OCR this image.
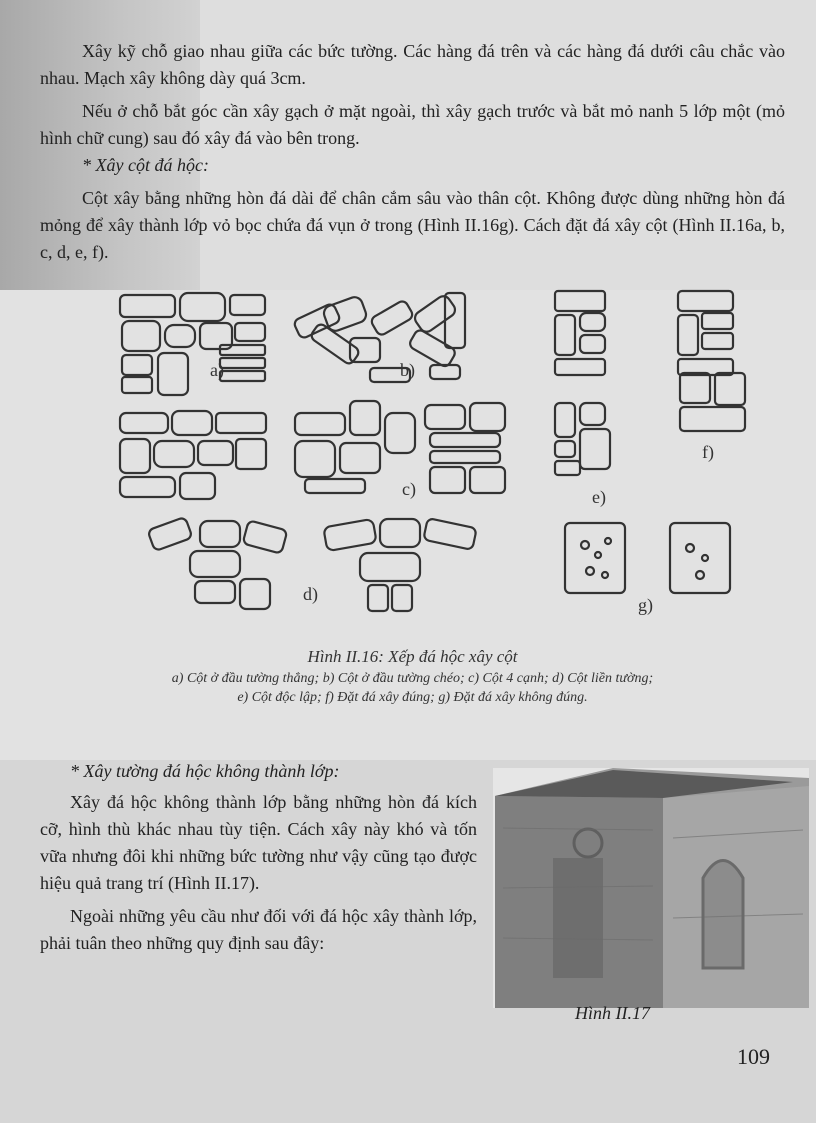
Xây kỹ chỗ giao nhau giữa các bức tường. Các hàng đá trên và các hàng đá dưới câu chắc vào nhau. Mạch xây không dày quá 3cm.

Nếu ở chỗ bắt góc cần xây gạch ở mặt ngoài, thì xây gạch trước và bắt mỏ nanh 5 lớp một (mỏ hình chữ cung) sau đó xây đá vào bên trong.

* Xây cột đá hộc:

Cột xây bằng những hòn đá dài để chân cắm sâu vào thân cột. Không được dùng những hòn đá mỏng để xây thành lớp vỏ bọc chứa đá vụn ở trong (Hình II.16g). Cách đặt đá xây cột (Hình II.16a, b, c, d, e, f).

a)	b)
c)
d)
e)
f)
g)
Hình II.16: Xếp đá hộc xây cột
a) Cột ở đầu tường thẳng; b) Cột ở đầu tường chéo; c) Cột 4 cạnh; d) Cột liền tường;
e) Cột độc lập; f) Đặt đá xây đúng; g) Đặt đá xây không đúng.

* Xây tường đá hộc không thành lớp:

Xây đá hộc không thành lớp bằng những hòn đá kích cỡ, hình thù khác nhau tùy tiện. Cách xây này khó và tốn vữa nhưng đôi khi những bức tường như vậy cũng tạo được hiệu quả trang trí (Hình II.17).

Ngoài những yêu cầu như đối với đá hộc xây thành lớp, phải tuân theo những quy định sau đây:

Hình II.17
109
